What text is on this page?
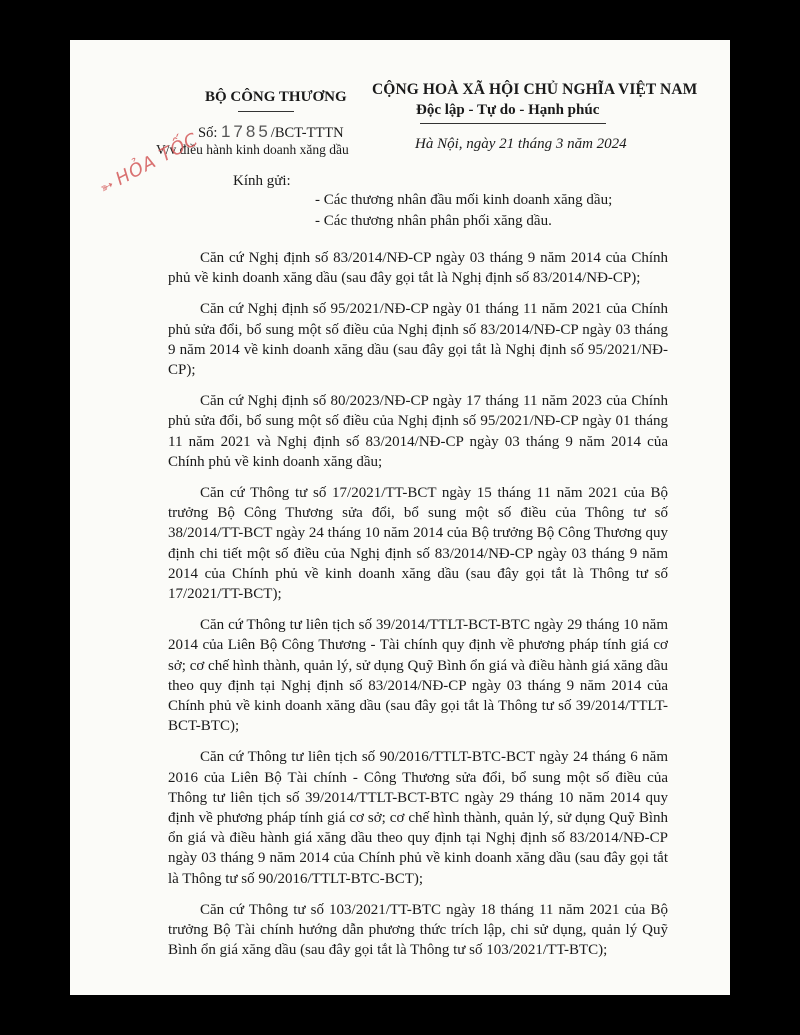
BỘ CÔNG THƯƠNG CỘNG HOÀ XÃ HỘI CHỦ NGHĨA VIỆT NAM
Độc lập - Tự do - Hạnh phúc
Số: 1785/BCT-TTTN
V/v điều hành kinh doanh xăng dầu	Hà Nội, ngày 21 tháng 3 năm 2024
➳HỎA TỐC Kính gửi:
- Các thương nhân đầu mối kinh doanh xăng dầu;
- Các thương nhân phân phối xăng dầu.

Căn cứ Nghị định số 83/2014/NĐ-CP ngày 03 tháng 9 năm 2014 của Chính phủ về kinh doanh xăng dầu (sau đây gọi tắt là Nghị định số 83/2014/NĐ-CP);

Căn cứ Nghị định số 95/2021/NĐ-CP ngày 01 tháng 11 năm 2021 của Chính phủ sửa đổi, bổ sung một số điều của Nghị định số 83/2014/NĐ-CP ngày 03 tháng 9 năm 2014 về kinh doanh xăng dầu (sau đây gọi tắt là Nghị định số 95/2021/NĐ-CP);

Căn cứ Nghị định số 80/2023/NĐ-CP ngày 17 tháng 11 năm 2023 của Chính phủ sửa đổi, bổ sung một số điều của Nghị định số 95/2021/NĐ-CP ngày 01 tháng 11 năm 2021 và Nghị định số 83/2014/NĐ-CP ngày 03 tháng 9 năm 2014 của Chính phủ về kinh doanh xăng dầu;

Căn cứ Thông tư số 17/2021/TT-BCT ngày 15 tháng 11 năm 2021 của Bộ trưởng Bộ Công Thương sửa đổi, bổ sung một số điều của Thông tư số 38/2014/TT-BCT ngày 24 tháng 10 năm 2014 của Bộ trưởng Bộ Công Thương quy định chi tiết một số điều của Nghị định số 83/2014/NĐ-CP ngày 03 tháng 9 năm 2014 của Chính phủ về kinh doanh xăng dầu (sau đây gọi tắt là Thông tư số 17/2021/TT-BCT);

Căn cứ Thông tư liên tịch số 39/2014/TTLT-BCT-BTC ngày 29 tháng 10 năm 2014 của Liên Bộ Công Thương - Tài chính quy định về phương pháp tính giá cơ sở; cơ chế hình thành, quản lý, sử dụng Quỹ Bình ổn giá và điều hành giá xăng dầu theo quy định tại Nghị định số 83/2014/NĐ-CP ngày 03 tháng 9 năm 2014 của Chính phủ về kinh doanh xăng dầu (sau đây gọi tắt là Thông tư số 39/2014/TTLT-BCT-BTC);

Căn cứ Thông tư liên tịch số 90/2016/TTLT-BTC-BCT ngày 24 tháng 6 năm 2016 của Liên Bộ Tài chính - Công Thương sửa đổi, bổ sung một số điều của Thông tư liên tịch số 39/2014/TTLT-BCT-BTC ngày 29 tháng 10 năm 2014 quy định về phương pháp tính giá cơ sở; cơ chế hình thành, quản lý, sử dụng Quỹ Bình ổn giá và điều hành giá xăng dầu theo quy định tại Nghị định số 83/2014/NĐ-CP ngày 03 tháng 9 năm 2014 của Chính phủ về kinh doanh xăng dầu (sau đây gọi tắt là Thông tư số 90/2016/TTLT-BTC-BCT);

Căn cứ Thông tư số 103/2021/TT-BTC ngày 18 tháng 11 năm 2021 của Bộ trưởng Bộ Tài chính hướng dẫn phương thức trích lập, chi sử dụng, quản lý Quỹ Bình ổn giá xăng dầu (sau đây gọi tắt là Thông tư số 103/2021/TT-BTC);
